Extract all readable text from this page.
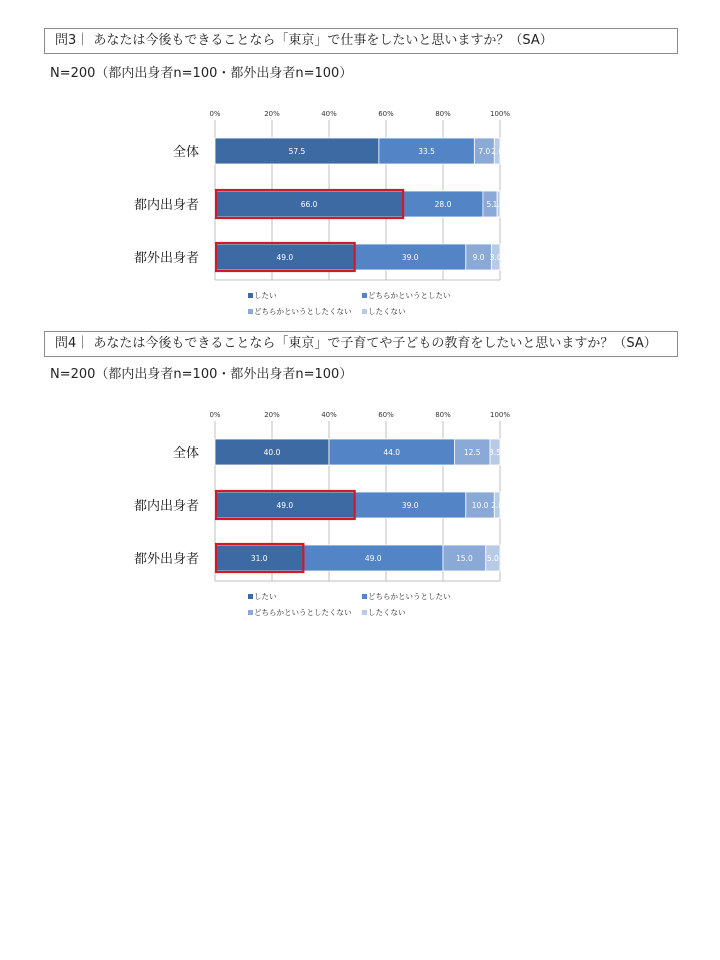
問3｜ あなたは今後もできることなら「東京」で仕事をしたいと思いますか？（SA）
N=200（都内出身者n=100・都外出身者n=100）
0%	20%	40%	60%	80%	100%
全体	57.5	33.5	7.0 2.0
都内出身者	66.0	28.0	5. 1.0
都外出身者	49.0	39.0	9.0 3.0
したい	どちらかというとしたい
どちらかというとしたくない したくない
問4｜ あなたは今後もできることなら「東京」で子育てや子どもの教育をしたいと思いますか？（SA）
N=200（都内出身者n=100・都外出身者n=100）
0%	20%	40%	60%	80%	100%
全体	40.0	44.0	12.5 3.5
都内出身者	49.0	39.0	10.0 2.0
都外出身者	31.0	49.0	15.0 5.0
したい	どちらかというとしたい
どちらかというとしたくない したくない
